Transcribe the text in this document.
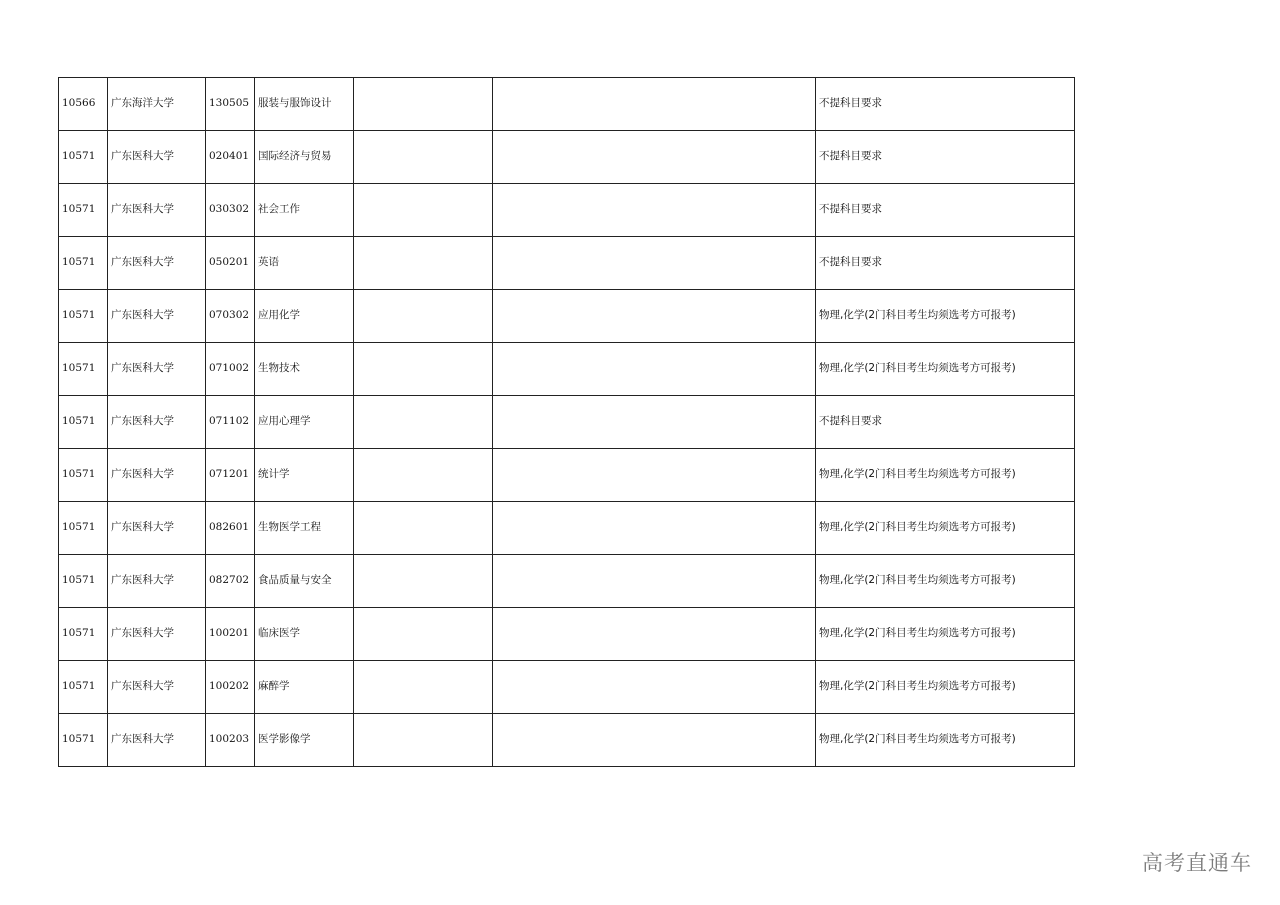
10566	广东海洋大学	130505	服装与服饰设计			不提科目要求
10571	广东医科大学	020401	国际经济与贸易			不提科目要求
10571	广东医科大学	030302	社会工作			不提科目要求
10571	广东医科大学	050201	英语			不提科目要求
10571	广东医科大学	070302	应用化学			物理,化学(2门科目考生均须选考方可报考)
10571	广东医科大学	071002	生物技术			物理,化学(2门科目考生均须选考方可报考)
10571	广东医科大学	071102	应用心理学			不提科目要求
10571	广东医科大学	071201	统计学			物理,化学(2门科目考生均须选考方可报考)
10571	广东医科大学	082601	生物医学工程			物理,化学(2门科目考生均须选考方可报考)
10571	广东医科大学	082702	食品质量与安全			物理,化学(2门科目考生均须选考方可报考)
10571	广东医科大学	100201	临床医学			物理,化学(2门科目考生均须选考方可报考)
10571	广东医科大学	100202	麻醉学			物理,化学(2门科目考生均须选考方可报考)
10571	广东医科大学	100203	医学影像学			物理,化学(2门科目考生均须选考方可报考)
高考直通车
